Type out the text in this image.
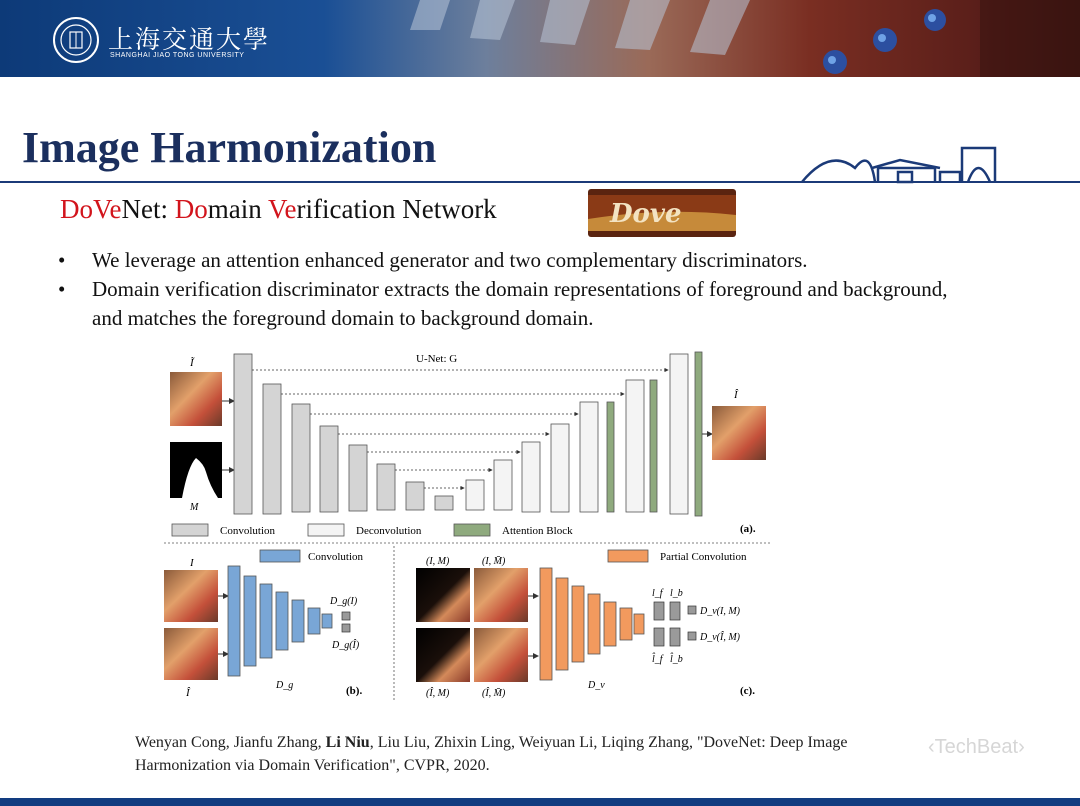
上海交通大學
SHANGHAI JIAO TONG UNIVERSITY
Image Harmonization
DoVeNet: Domain Verification Network	Dove
• We leverage an attention enhanced generator and two complementary discriminators.
• Domain verification discriminator extracts the domain representations of foreground and background, and matches the foreground domain to background domain.
U-Net: G
Ĩ
M
Î
Convolution	Deconvolution	Attention Block	(a).
Convolution
I
Î
D_g(I)
D_g(Î)
D_g	(b).
Partial Convolution
(I, M)	(I, M̄)
(Î, M)	(Î, M̄)
l_f l_b
l̂_f l̂_b
D_v(I, M)
D_v(Î, M)
D_v	(c).
Wenyan Cong, Jianfu Zhang, Li Niu, Liu Liu, Zhixin Ling, Weiyuan Li, Liqing Zhang, "DoveNet: Deep Image Harmonization via Domain Verification", CVPR, 2020.
‹TechBeat›
